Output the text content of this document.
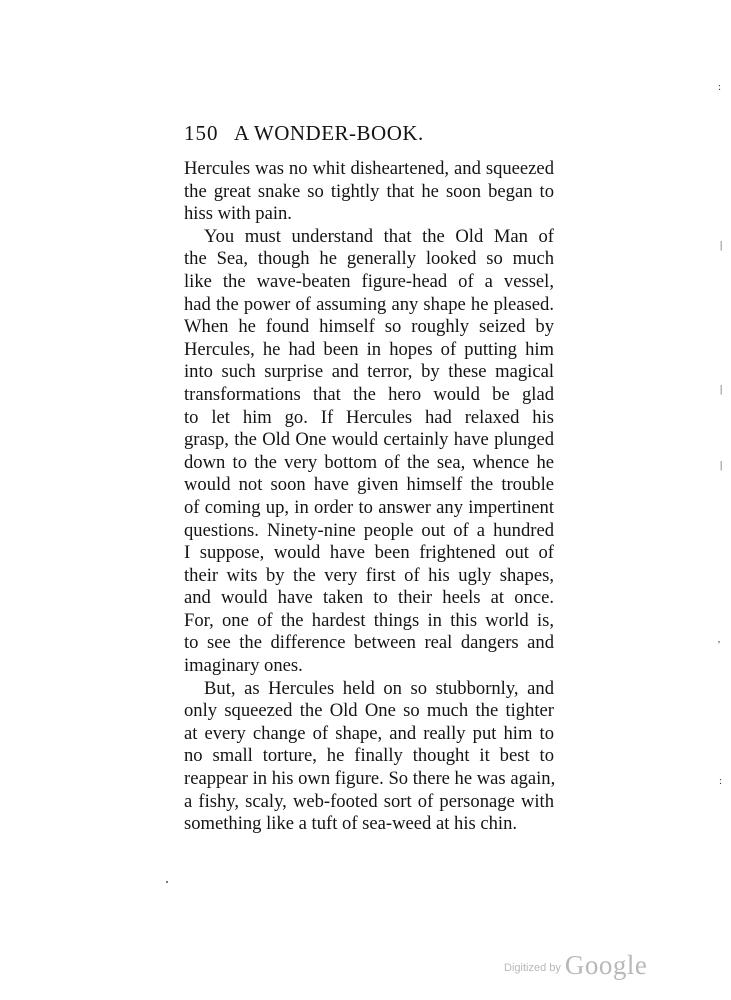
150 A WONDER-BOOK.
Hercules was no whit disheartened, and squeezed
the great snake so tightly that he soon began to
hiss with pain.
You must understand that the Old Man of
the Sea, though he generally looked so much
like the wave-beaten figure-head of a vessel,
had the power of assuming any shape he pleased.
When he found himself so roughly seized by
Hercules, he had been in hopes of putting him
into such surprise and terror, by these magical
transformations that the hero would be glad
to let him go. If Hercules had relaxed his
grasp, the Old One would certainly have plunged
down to the very bottom of the sea, whence he
would not soon have given himself the trouble
of coming up, in order to answer any impertinent
questions. Ninety-nine people out of a hundred
I suppose, would have been frightened out of
their wits by the very first of his ugly shapes,
and would have taken to their heels at once.
For, one of the hardest things in this world is,
to see the difference between real dangers and
imaginary ones.
But, as Hercules held on so stubbornly, and
only squeezed the Old One so much the tighter
at every change of shape, and really put him to
no small torture, he finally thought it best to
reappear in his own figure. So there he was again,
a fishy, scaly, web-footed sort of personage with
something like a tuft of sea-weed at his chin.
:
|
|
|
'
:
Digitized by Google
